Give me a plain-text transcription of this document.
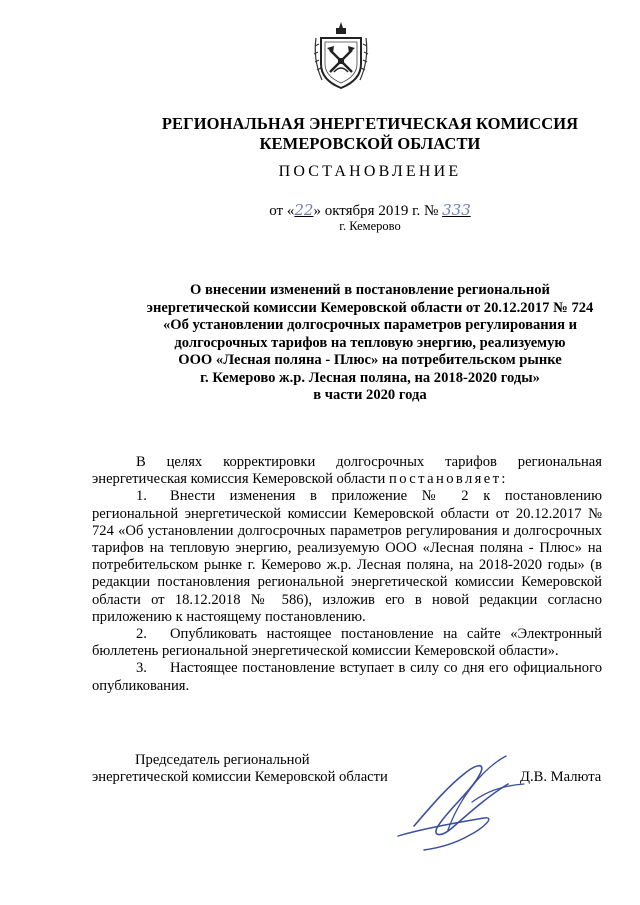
РЕГИОНАЛЬНАЯ ЭНЕРГЕТИЧЕСКАЯ КОМИССИЯ
КЕМЕРОВСКОЙ ОБЛАСТИ
ПОСТАНОВЛЕНИЕ
от «22» октября 2019 г. № 333
г. Кемерово
О внесении изменений в постановление региональной
энергетической комиссии Кемеровской области от 20.12.2017 № 724
«Об установлении долгосрочных параметров регулирования и
долгосрочных тарифов на тепловую энергию, реализуемую
ООО «Лесная поляна - Плюс» на потребительском рынке
г. Кемерово ж.р. Лесная поляна, на 2018-2020 годы»
в части 2020 года

В целях корректировки долгосрочных тарифов региональная энергетическая комиссия Кемеровской области постановляет:

1. Внести изменения в приложение № 2 к постановлению региональной энергетической комиссии Кемеровской области от 20.12.2017 № 724 «Об установлении долгосрочных параметров регулирования и долгосрочных тарифов на тепловую энергию, реализуемую ООО «Лесная поляна - Плюс» на потребительском рынке г. Кемерово ж.р. Лесная поляна, на 2018-2020 годы» (в редакции постановления региональной энергетической комиссии Кемеровской области от 18.12.2018 № 586), изложив его в новой редакции согласно приложению к настоящему постановлению.

2. Опубликовать настоящее постановление на сайте «Электронный бюллетень региональной энергетической комиссии Кемеровской области».

3. Настоящее постановление вступает в силу со дня его официального опубликования.

Председатель региональной
энергетической комиссии Кемеровской области	Д.В. Малюта
